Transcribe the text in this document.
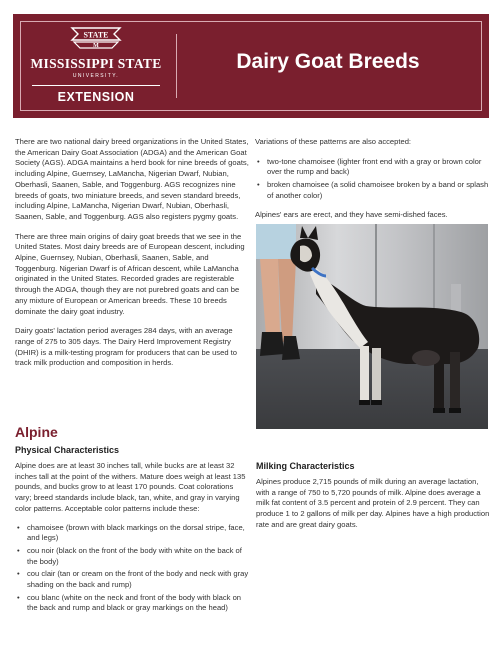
STATE
M
MISSISSIPPI STATE
UNIVERSITY.
EXTENSION
Dairy Goat Breeds

There are two national dairy breed organizations in the United States, the American Dairy Goat Association (ADGA) and the American Goat Society (AGS). ADGA maintains a herd book for nine breeds of goats, including Alpine, Guernsey, LaMancha, Nigerian Dwarf, Nubian, Oberhasli, Saanen, Sable, and Toggenburg. AGS recognizes nine breeds of goats, two miniature breeds, and seven standard breeds, including Alpine, LaMancha, Nigerian Dwarf, Nubian, Oberhasli, Saanen, Sable, and Toggenburg. AGS also registers pygmy goats.

There are three main origins of dairy goat breeds that we see in the United States. Most dairy breeds are of European descent, including Alpine, Guernsey, Nubian, Oberhasli, Saanen, Sable, and Toggenburg. Nigerian Dwarf is of African descent, while LaMancha originated in the United States. Recorded grades are registerable through the ADGA, though they are not purebred goats and can be any mixture of European or American breeds. These 10 breeds dominate the dairy goat industry.

Dairy goats' lactation period averages 284 days, with an average range of 275 to 305 days. The Dairy Herd Improvement Registry (DHIR) is a milk-testing program for producers that can be used to track milk production and composition in herds.

Variations of these patterns are also accepted:

• two-tone chamoisee (lighter front end with a gray or brown color over the rump and back)
• broken chamoisee (a solid chamoisee broken by a band or splash of another color)

Alpines' ears are erect, and they have semi-dished faces.

Alpine
Physical Characteristics

Alpine does are at least 30 inches tall, while bucks are at least 32 inches tall at the point of the withers. Mature does weigh at least 135 pounds, and bucks grow to at least 170 pounds. Coat colorations vary; breed standards include black, tan, white, and gray in varying color patterns. Acceptable color patterns include these:

• chamoisee (brown with black markings on the dorsal stripe, face, and legs)
• cou noir (black on the front of the body with white on the back of the body)
• cou clair (tan or cream on the front of the body and neck with gray shading on the back and rump)
• cou blanc (white on the neck and front of the body with black on the back and rump and black or gray markings on the head)
Milking Characteristics

Alpines produce 2,715 pounds of milk during an average lactation, with a range of 750 to 5,720 pounds of milk. Alpine does average a milk fat content of 3.5 percent and protein of 2.9 percent. They can produce 1 to 2 gallons of milk per day. Alpines have a high production rate and are great dairy goats.
